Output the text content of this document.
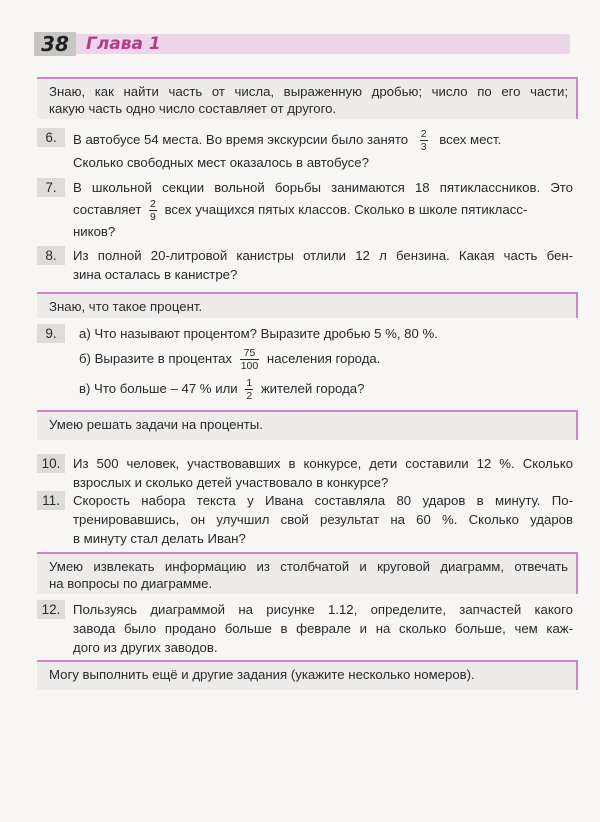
38	Глава 1
Знаю, как найти часть от числа, выраженную дробью; число по его части;
какую часть одно число составляет от другого.
6.	В автобусе 54 места. Во время экскурсии было занято $\frac{2}{3}$ всех мест.
Сколько свободных мест оказалось в автобусе?
7.	В школьной секции вольной борьбы занимаются 18 пятиклассников. Это
составляет $\frac{2}{9}$ всех учащихся пятых классов. Сколько в школе пятикласс-
ников?
8.	Из полной 20-литровой канистры отлили 12 л бензина. Какая часть бен-
зина осталась в канистре?
Знаю, что такое процент.
9.	а) Что называют процентом? Выразите дробью 5 %, 80 %.
б) Выразите в процентах $\frac{75}{100}$ населения города.
в) Что больше – 47 % или $\frac{1}{2}$ жителей города?
Умею решать задачи на проценты.
10. Из 500 человек, участвовавших в конкурсе, дети составили 12 %. Сколько
взрослых и сколько детей участвовало в конкурсе?
11. Скорость набора текста у Ивана составляла 80 ударов в минуту. По-
тренировавшись, он улучшил свой результат на 60 %. Сколько ударов
в минуту стал делать Иван?
Умею извлекать информацию из столбчатой и круговой диаграмм, отвечать
на вопросы по диаграмме.
12. Пользуясь диаграммой на рисунке 1.12, определите, запчастей какого
завода было продано больше в феврале и на сколько больше, чем каж-
дого из других заводов.
Могу выполнить ещё и другие задания (укажите несколько номеров).
